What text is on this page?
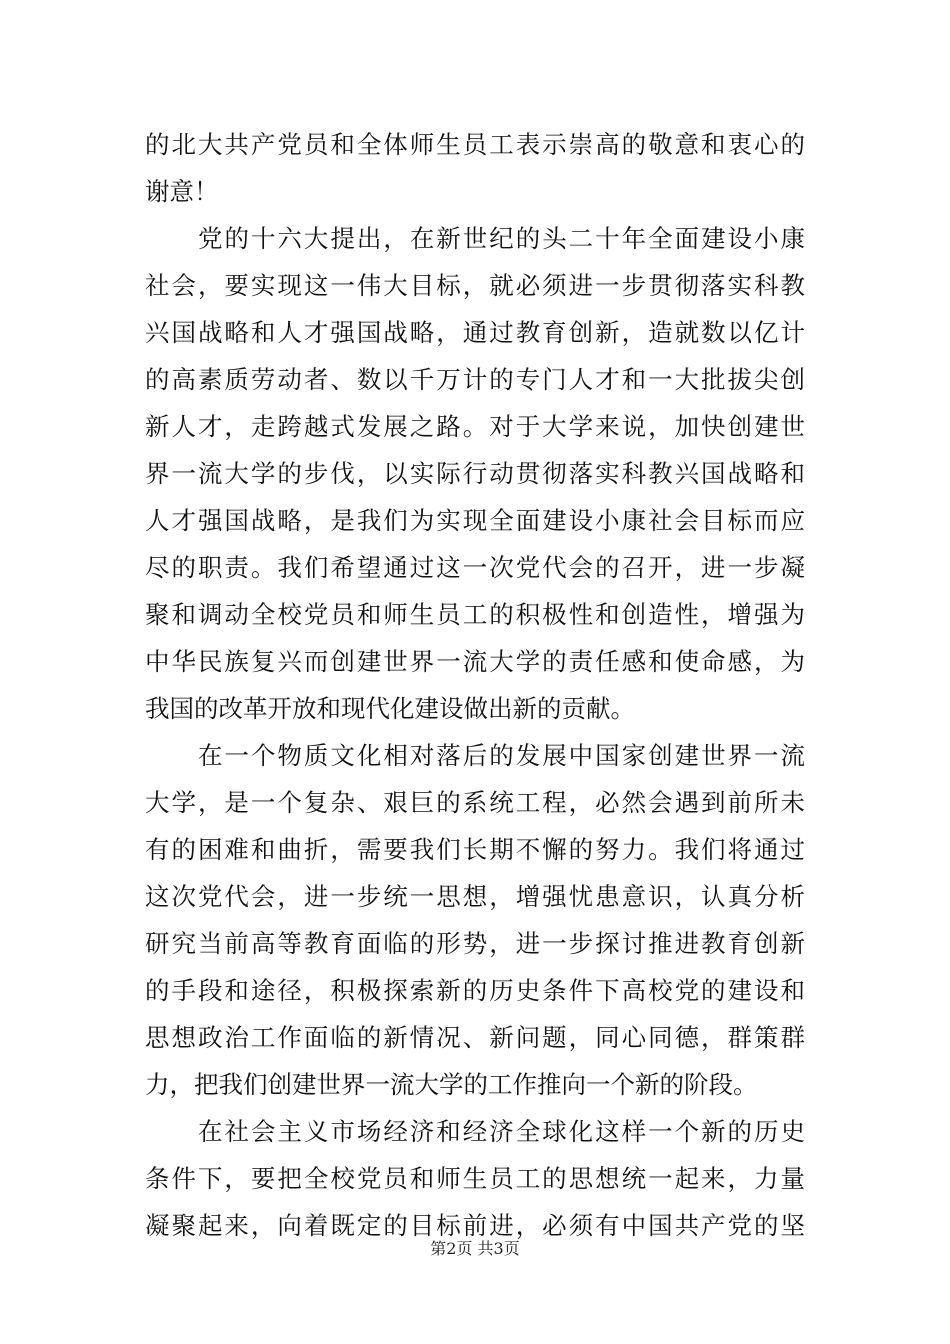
的北大共产党员和全体师生员工表示崇高的敬意和衷心的
谢意！
党的十六大提出，在新世纪的头二十年全面建设小康
社会，要实现这一伟大目标，就必须进一步贯彻落实科教
兴国战略和人才强国战略，通过教育创新，造就数以亿计
的高素质劳动者、数以千万计的专门人才和一大批拔尖创
新人才，走跨越式发展之路。对于大学来说，加快创建世
界一流大学的步伐，以实际行动贯彻落实科教兴国战略和
人才强国战略，是我们为实现全面建设小康社会目标而应
尽的职责。我们希望通过这一次党代会的召开，进一步凝
聚和调动全校党员和师生员工的积极性和创造性，增强为
中华民族复兴而创建世界一流大学的责任感和使命感，为
我国的改革开放和现代化建设做出新的贡献。
在一个物质文化相对落后的发展中国家创建世界一流
大学，是一个复杂、艰巨的系统工程，必然会遇到前所未
有的困难和曲折，需要我们长期不懈的努力。我们将通过
这次党代会，进一步统一思想，增强忧患意识，认真分析
研究当前高等教育面临的形势，进一步探讨推进教育创新
的手段和途径，积极探索新的历史条件下高校党的建设和
思想政治工作面临的新情况、新问题，同心同德，群策群
力，把我们创建世界一流大学的工作推向一个新的阶段。
在社会主义市场经济和经济全球化这样一个新的历史
条件下，要把全校党员和师生员工的思想统一起来，力量
凝聚起来，向着既定的目标前进，必须有中国共产党的坚
第2页 共3页
